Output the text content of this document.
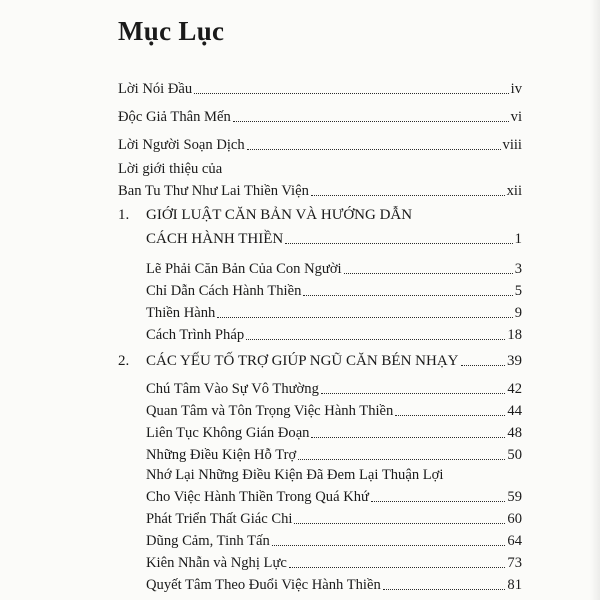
Mục Lục
Lời Nói Đầu	iv
Độc Giả Thân Mến	vi
Lời Người Soạn Dịch	viii
Lời giới thiệu của
Ban Tu Thư Như Lai Thiền Viện	xii
1. GIỚI LUẬT CĂN BẢN VÀ HƯỚNG DẪN
CÁCH HÀNH THIỀN	1
Lẽ Phải Căn Bản Của Con Người	3
Chỉ Dẫn Cách Hành Thiền	5
Thiền Hành	9
Cách Trình Pháp	18
2. CÁC YẾU TỐ TRỢ GIÚP NGŨ CĂN BÉN NHẠY	39
Chú Tâm Vào Sự Vô Thường	42
Quan Tâm và Tôn Trọng Việc Hành Thiền	44
Liên Tục Không Gián Đoạn	48
Những Điều Kiện Hỗ Trợ	50
Nhớ Lại Những Điều Kiện Đã Đem Lại Thuận Lợi
Cho Việc Hành Thiền Trong Quá Khứ	59
Phát Triển Thất Giác Chi	60
Dũng Cảm, Tinh Tấn	64
Kiên Nhẫn và Nghị Lực	73
Quyết Tâm Theo Đuổi Việc Hành Thiền	81
